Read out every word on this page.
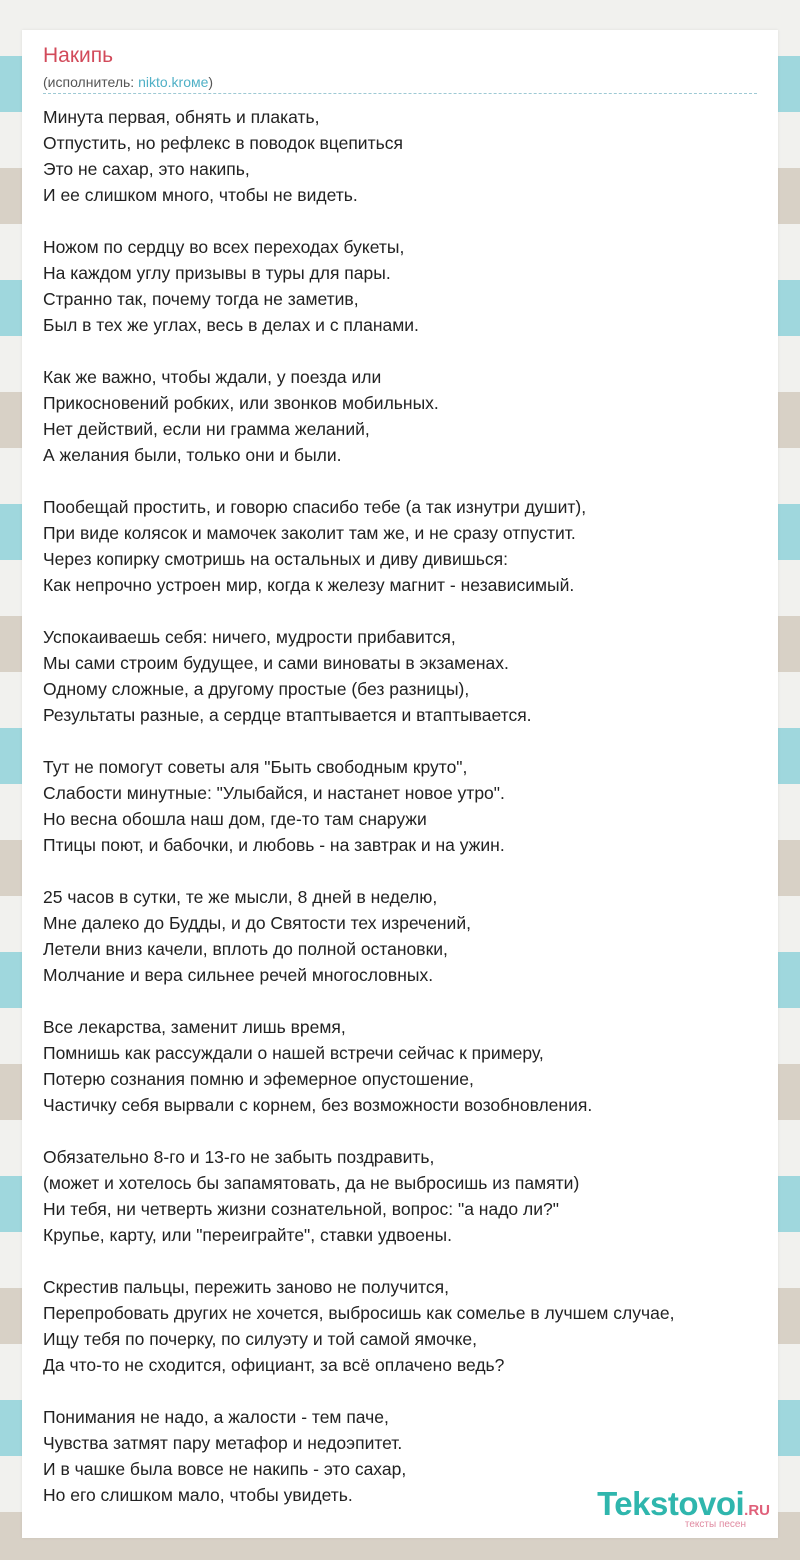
Накипь
(исполнитель: nikto.kroме)
Минута первая, обнять и плакать,
Отпустить, но рефлекс в поводок вцепиться
Это не сахар, это накипь,
И ее слишком много, чтобы не видеть.
Ножом по сердцу во всех переходах букеты,
На каждом углу призывы в туры для пары.
Странно так, почему тогда не заметив,
Был в тех же углах, весь в делах и с планами.
Как же важно, чтобы ждали, у поезда или
Прикосновений робких, или звонков мобильных.
Нет действий, если ни грамма желаний,
А желания были, только они и были.
Пообещай простить, и говорю спасибо тебе (а так изнутри душит),
При виде колясок и мамочек заколит там же, и не сразу отпустит.
Через копирку смотришь на остальных и диву дивишься:
Как непрочно устроен мир, когда к железу магнит - независимый.
Успокаиваешь себя: ничего, мудрости прибавится,
Мы сами строим будущее, и сами виноваты в экзаменах.
Одному сложные, а другому простые (без разницы),
Результаты разные, а сердце втаптывается и втаптывается.
Тут не помогут советы аля "Быть свободным круто",
Слабости минутные: "Улыбайся, и настанет новое утро".
Но весна обошла наш дом, где-то там снаружи
Птицы поют, и бабочки, и любовь - на завтрак и на ужин.
25 часов в сутки, те же мысли, 8 дней в неделю,
Мне далеко до Будды, и до Святости тех изречений,
Летели вниз качели, вплоть до полной остановки,
Молчание и вера сильнее речей многословных.
Все лекарства, заменит лишь время,
Помнишь как рассуждали о нашей встречи сейчас к примеру,
Потерю сознания помню и эфемерное опустошение,
Частичку себя вырвали с корнем, без возможности возобновления.
Обязательно 8-го и 13-го не забыть поздравить,
(может и хотелось бы запамятовать, да не выбросишь из памяти)
Ни тебя, ни четверть жизни сознательной, вопрос: "а надо ли?"
Крупье, карту, или "переиграйте", ставки удвоены.
Скрестив пальцы, пережить заново не получится,
Перепробовать других не хочется, выбросишь как сомелье в лучшем случае,
Ищу тебя по почерку, по силуэту и той самой ямочке,
Да что-то не сходится, официант, за всё оплачено ведь?
Понимания не надо, а жалости - тем паче,
Чувства затмят пару метафор и недоэпитет.
И в чашке была вовсе не накипь - это сахар,
Но его слишком мало, чтобы увидеть.	Tekstovoi.RU
тексты песен
